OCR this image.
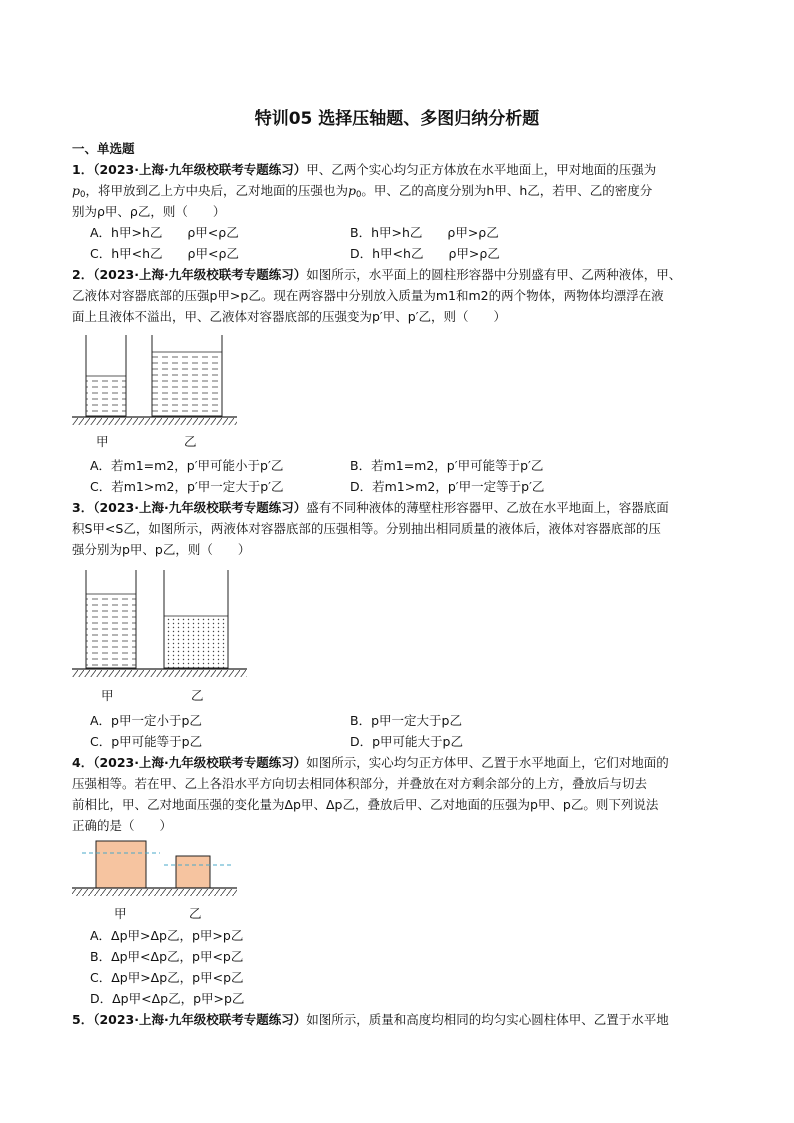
特训05 选择压轴题、多图归纳分析题
一、单选题
1．（2023·上海·九年级校联考专题练习）甲、乙两个实心均匀正方体放在水平地面上，甲对地面的压强为
$p_0$，将甲放到乙上方中央后，乙对地面的压强也为$p_0$。甲、乙的高度分别为h甲、h乙，若甲、乙的密度分
别为ρ甲、ρ乙，则（　　）
A．h甲>h乙　　ρ甲<ρ乙	B．h甲>h乙　　ρ甲>ρ乙
C．h甲<h乙　　ρ甲<ρ乙	D．h甲<h乙　　ρ甲>ρ乙
2．（2023·上海·九年级校联考专题练习）如图所示，水平面上的圆柱形容器中分别盛有甲、乙两种液体，甲、
乙液体对容器底部的压强p甲>p乙。现在两容器中分别放入质量为m1和m2的两个物体，两物体均漂浮在液
面上且液体不溢出，甲、乙液体对容器底部的压强变为p′甲、p′乙，则（　　）
甲	乙
A．若m1=m2，p′甲可能小于p′乙	B．若m1=m2，p′甲可能等于p′乙
C．若m1>m2，p′甲一定大于p′乙	D．若m1>m2，p′甲一定等于p′乙
3．（2023·上海·九年级校联考专题练习）盛有不同种液体的薄壁柱形容器甲、乙放在水平地面上，容器底面
积S甲<S乙，如图所示，两液体对容器底部的压强相等。分别抽出相同质量的液体后，液体对容器底部的压
强分别为p甲、p乙，则（　　）
甲	乙
A．p甲一定小于p乙	B．p甲一定大于p乙
C．p甲可能等于p乙	D．p甲可能大于p乙
4．（2023·上海·九年级校联考专题练习）如图所示，实心均匀正方体甲、乙置于水平地面上，它们对地面的
压强相等。若在甲、乙上各沿水平方向切去相同体积部分，并叠放在对方剩余部分的上方，叠放后与切去
前相比，甲、乙对地面压强的变化量为Δp甲、Δp乙，叠放后甲、乙对地面的压强为p甲、p乙。则下列说法
正确的是（　　）
甲	乙
A．Δp甲>Δp乙，p甲>p乙
B．Δp甲<Δp乙，p甲<p乙
C．Δp甲>Δp乙，p甲<p乙
D．Δp甲<Δp乙，p甲>p乙
5．（2023·上海·九年级校联考专题练习）如图所示，质量和高度均相同的均匀实心圆柱体甲、乙置于水平地
